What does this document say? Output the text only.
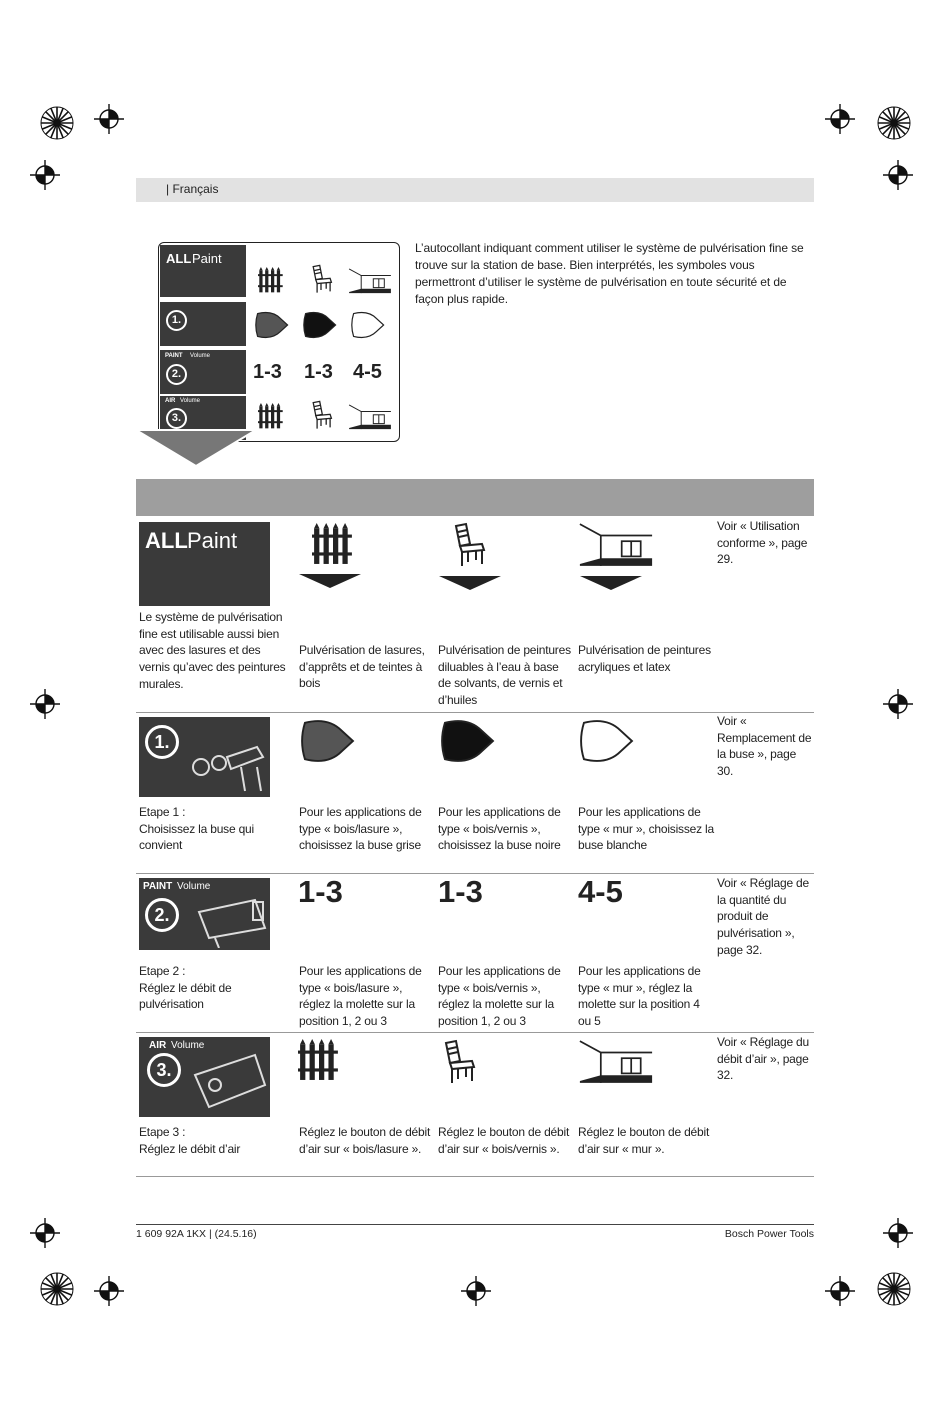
| Français
ALL Paint
1.
PAINT Volume
2.
AIR Volume
3.
1-3 1-3 4-5
L’autocollant indiquant comment utiliser le système de pulvérisation fine se trouve sur la station de base. Bien interprétés, les symboles vous permettront d’utiliser le système de pulvérisation en toute sécurité et de façon plus rapide.
ALL Paint
Le système de pulvérisation fine est utilisable aussi bien avec des lasures et des vernis qu’avec des peintures murales.
Pulvérisation de lasures, d’apprêts et de teintes à bois
Pulvérisation de peintures diluables à l’eau à base de solvants, de vernis et d’huiles
Pulvérisation de peintures acryliques et latex
Voir « Utilisation conforme », page 29.
1.
Etape 1 :
Choisissez la buse qui convient
Pour les applications de type « bois/lasure », choisissez la buse grise
Pour les applications de type « bois/vernis », choisissez la buse noire
Pour les applications de type « mur », choisissez la buse blanche
Voir « Remplacement de la buse », page 30.
PAINT Volume
2.
1-3	1-3	4-5
Etape 2 :
Réglez le débit de pulvérisation
Pour les applications de type « bois/lasure », réglez la molette sur la position 1, 2 ou 3
Pour les applications de type « bois/vernis », réglez la molette sur la position 1, 2 ou 3
Pour les applications de type « mur », réglez la molette sur la position 4 ou 5
Voir « Réglage de la quantité du produit de pulvérisation », page 32.
AIR Volume
3.
Etape 3 :
Réglez le débit d’air
Réglez le bouton de débit d’air sur « bois/lasure ».
Réglez le bouton de débit d’air sur « bois/vernis ».
Réglez le bouton de débit d’air sur « mur ».
Voir « Réglage du débit d’air », page 32.
1 609 92A 1KX | (24.5.16)	Bosch Power Tools
